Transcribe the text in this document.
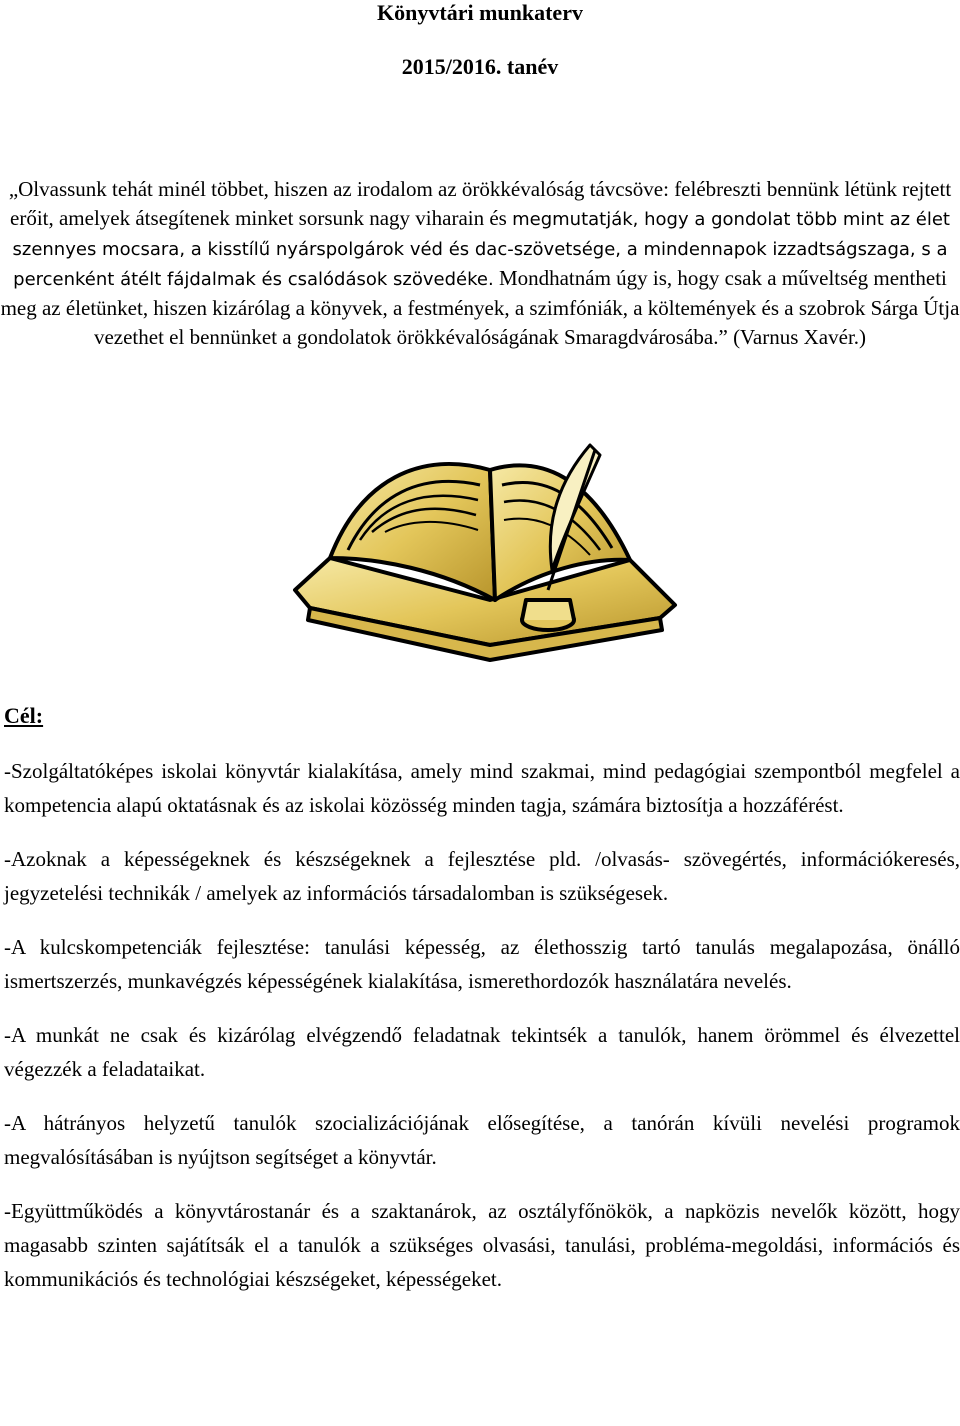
Könyvtári munkaterv
2015/2016. tanév
„Olvassunk tehát minél többet, hiszen az irodalom az örökkévalóság távcsöve: felébreszti bennünk létünk rejtett erőit, amelyek átsegítenek minket sorsunk nagy viharain és megmutatják, hogy a gondolat több mint az élet szennyes mocsara, a kisstílű nyárspolgárok véd és dac-szövetsége, a mindennapok izzadtságszaga, s a percenként átélt fájdalmak és csalódások szövedéke. Mondhatnám úgy is, hogy csak a műveltség mentheti meg az életünket, hiszen kizárólag a könyvek, a festmények, a szimfóniák, a költemények és a szobrok Sárga Útja vezethet el bennünket a gondolatok örökkévalóságának Smaragdvárosába.” (Varnus Xavér.)
Cél:

-Szolgáltatóképes iskolai könyvtár kialakítása, amely mind szakmai, mind pedagógiai szempontból megfelel a kompetencia alapú oktatásnak és az iskolai közösség minden tagja, számára biztosítja a hozzáférést.

-Azoknak a képességeknek és készségeknek a fejlesztése pld. /olvasás- szövegértés, információkeresés, jegyzetelési technikák / amelyek az információs társadalomban is szükségesek.

-A kulcskompetenciák fejlesztése: tanulási képesség, az élethosszig tartó tanulás megalapozása, önálló ismertszerzés, munkavégzés képességének kialakítása, ismerethordozók használatára nevelés.

-A munkát ne csak és kizárólag elvégzendő feladatnak tekintsék a tanulók, hanem örömmel és élvezettel végezzék a feladataikat.

-A hátrányos helyzetű tanulók szocializációjának elősegítése, a tanórán kívüli nevelési programok megvalósításában is nyújtson segítséget a könyvtár.

-Együttműködés a könyvtárostanár és a szaktanárok, az osztályfőnökök, a napközis nevelők között, hogy magasabb szinten sajátítsák el a tanulók a szükséges olvasási, tanulási, probléma-megoldási, információs és kommunikációs és technológiai készségeket, képességeket.
